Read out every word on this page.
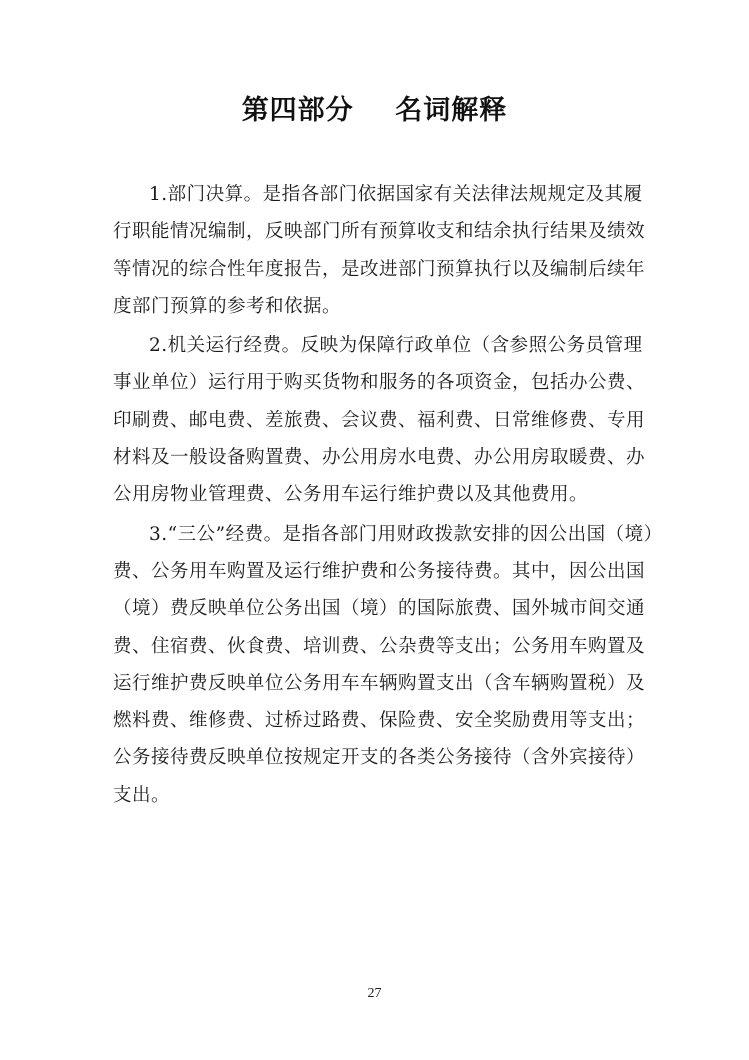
第四部分    名词解释
1.部门决算。是指各部门依据国家有关法律法规规定及其履
行职能情况编制，反映部门所有预算收支和结余执行结果及绩效
等情况的综合性年度报告，是改进部门预算执行以及编制后续年
度部门预算的参考和依据。
2.机关运行经费。反映为保障行政单位（含参照公务员管理
事业单位）运行用于购买货物和服务的各项资金，包括办公费、
印刷费、邮电费、差旅费、会议费、福利费、日常维修费、专用
材料及一般设备购置费、办公用房水电费、办公用房取暖费、办
公用房物业管理费、公务用车运行维护费以及其他费用。
3.“三公”经费。是指各部门用财政拨款安排的因公出国（境）
费、公务用车购置及运行维护费和公务接待费。其中，因公出国
（境）费反映单位公务出国（境）的国际旅费、国外城市间交通
费、住宿费、伙食费、培训费、公杂费等支出；公务用车购置及
运行维护费反映单位公务用车车辆购置支出（含车辆购置税）及
燃料费、维修费、过桥过路费、保险费、安全奖励费用等支出；
公务接待费反映单位按规定开支的各类公务接待（含外宾接待）
支出。
27
